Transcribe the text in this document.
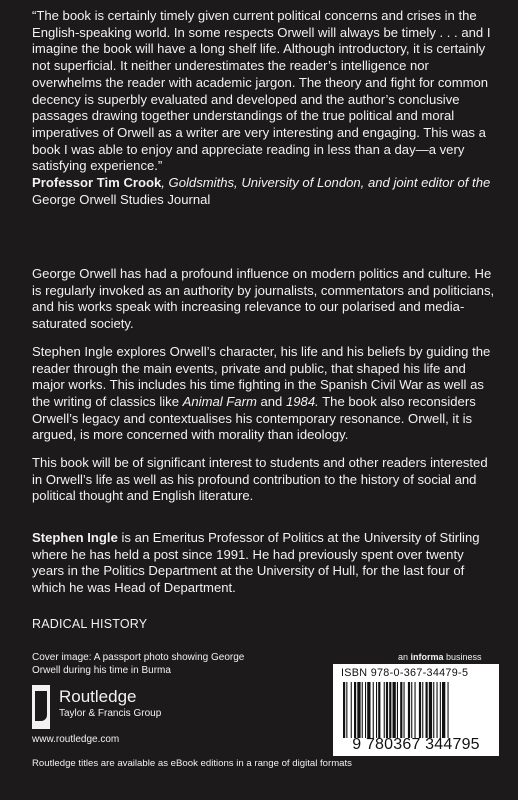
“The book is certainly timely given current political concerns and crises in the English-speaking world. In some respects Orwell will always be timely . . . and I imagine the book will have a long shelf life. Although introductory, it is certainly not superficial. It neither underestimates the reader’s intelligence nor overwhelms the reader with academic jargon. The theory and fight for common decency is superbly evaluated and developed and the author’s conclusive passages drawing together understandings of the true political and moral imperatives of Orwell as a writer are very interesting and engaging. This was a book I was able to enjoy and appreciate reading in less than a day—a very satisfying experience.”

Professor Tim Crook, Goldsmiths, University of London, and joint editor of the George Orwell Studies Journal

George Orwell has had a profound influence on modern politics and culture. He is regularly invoked as an authority by journalists, commentators and politicians, and his works speak with increasing relevance to our polarised and media-saturated society.

Stephen Ingle explores Orwell’s character, his life and his beliefs by guiding the reader through the main events, private and public, that shaped his life and major works. This includes his time fighting in the Spanish Civil War as well as the writing of classics like Animal Farm and 1984. The book also reconsiders Orwell’s legacy and contextualises his contemporary resonance. Orwell, it is argued, is more concerned with morality than ideology.

This book will be of significant interest to students and other readers interested in Orwell’s life as well as his profound contribution to the history of social and political thought and English literature.

Stephen Ingle is an Emeritus Professor of Politics at the University of Stirling where he has held a post since 1991. He had previously spent over twenty years in the Politics Department at the University of Hull, for the last four of which he was Head of Department.

RADICAL HISTORY
Cover image: A passport photo showing George Orwell during his time in Burma
Routledge
Taylor & Francis Group
www.routledge.com
an informa business
ISBN 978-0-367-34479-5
9 780367 344795
Routledge titles are available as eBook editions in a range of digital formats
